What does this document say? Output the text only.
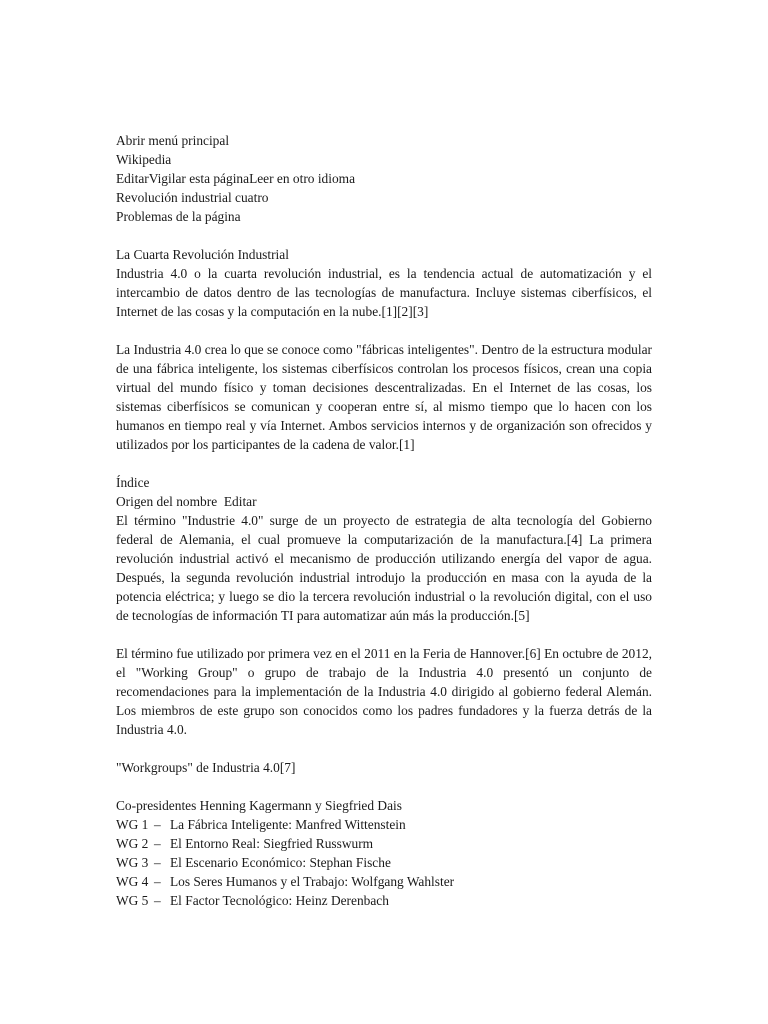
Abrir menú principal
Wikipedia
EditarVigilar esta páginaLeer en otro idioma
Revolución industrial cuatro
Problemas de la página
La Cuarta Revolución Industrial

Industria 4.0 o la cuarta revolución industrial, es la tendencia actual de automatización y el intercambio de datos dentro de las tecnologías de manufactura. Incluye sistemas ciberfísicos, el Internet de las cosas y la computación en la nube.[1][2][3]

La Industria 4.0 crea lo que se conoce como "fábricas inteligentes". Dentro de la estructura modular de una fábrica inteligente, los sistemas ciberfísicos controlan los procesos físicos, crean una copia virtual del mundo físico y toman decisiones descentralizadas. En el Internet de las cosas, los sistemas ciberfísicos se comunican y cooperan entre sí, al mismo tiempo que lo hacen con los humanos en tiempo real y vía Internet. Ambos servicios internos y de organización son ofrecidos y utilizados por los participantes de la cadena de valor.[1]

Índice
Origen del nombre Editar

El término "Industrie 4.0" surge de un proyecto de estrategia de alta tecnología del Gobierno federal de Alemania, el cual promueve la computarización de la manufactura.[4] La primera revolución industrial activó el mecanismo de producción utilizando energía del vapor de agua. Después, la segunda revolución industrial introdujo la producción en masa con la ayuda de la potencia eléctrica; y luego se dio la tercera revolución industrial o la revolución digital, con el uso de tecnologías de información TI para automatizar aún más la producción.[5]

El término fue utilizado por primera vez en el 2011 en la Feria de Hannover.[6] En octubre de 2012, el "Working Group" o grupo de trabajo de la Industria 4.0 presentó un conjunto de recomendaciones para la implementación de la Industria 4.0 dirigido al gobierno federal Alemán. Los miembros de este grupo son conocidos como los padres fundadores y la fuerza detrás de la Industria 4.0.

"Workgroups" de Industria 4.0[7]
Co-presidentes Henning Kagermann y Siegfried Dais
WG 1 – La Fábrica Inteligente: Manfred Wittenstein
WG 2 – El Entorno Real: Siegfried Russwurm
WG 3 – El Escenario Económico: Stephan Fische
WG 4 – Los Seres Humanos y el Trabajo: Wolfgang Wahlster
WG 5 – El Factor Tecnológico: Heinz Derenbach
